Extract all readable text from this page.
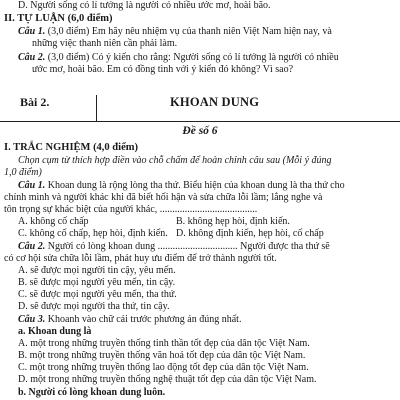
D. Người sống có lí tưởng là người có nhiều ước mơ, hoài bão.
II. TỰ LUẬN (6,0 điểm)
Câu 1. (3,0 điểm) Em hãy nêu nhiệm vụ của thanh niên Việt Nam hiện nay, và
những việc thanh niên cần phải làm.
Câu 2. (3,0 điểm) Có ý kiến cho rằng: Người sống có lí tưởng là người có nhiều
ước mơ, hoài bão. Em có đồng tình với ý kiến đó không? Vì sao?
Bài 2.	KHOAN DUNG
Đề số 6
I. TRẮC NGHIỆM (4,0 điểm)
Chọn cụm từ thích hợp điền vào chỗ chấm để hoàn chỉnh câu sau (Mỗi ý đúng
1,0 điểm)
Câu 1. Khoan dung là rộng lòng tha thứ. Biểu hiện của khoan dung là tha thứ cho
chính mình và người khác khi đã biết hối hận và sửa chữa lỗi lầm; lắng nghe và
tôn trọng sự khác biệt của người khác, .......................................
A. không cố chấp	B. không hẹp hòi, định kiến.
C. không cố chấp, hẹp hòi, định kiến. D. không định kiến, hẹp hòi, cố chấp
Câu 2. Người có lòng khoan dung ................................ Người được tha thứ sẽ
có cơ hội sửa chữa lỗi lầm, phát huy ưu điểm để trở thành người tốt.
A. sẽ được mọi người tin cậy, yêu mến.
B. sẽ được mọi người yêu mến, tin cậy.
C. sẽ được mọi người yêu mến, tha thứ.
D. sẽ được mọi người tha thứ, tin cậy.
Câu 3. Khoanh vào chữ cái trước phương án đúng nhất.
a. Khoan dung là
A. một trong những truyền thống tinh thần tốt đẹp của dân tộc Việt Nam.
B. một trong những truyền thống văn hoá tốt đẹp của dân tộc Việt Nam.
C. một trong những truyền thống lao động tốt đẹp của dân tộc Việt Nam.
D. một trong những truyền thống nghệ thuật tốt đẹp của dân tộc Việt Nam.
b. Người có lòng khoan dung luôn.
